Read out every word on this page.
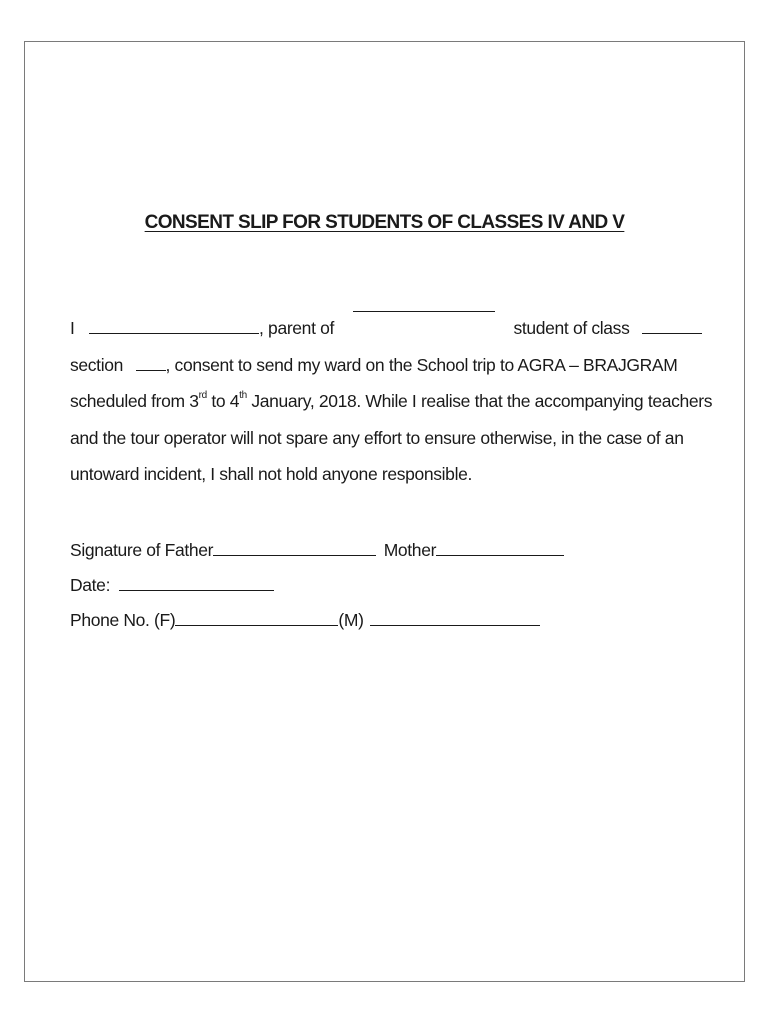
CONSENT SLIP FOR STUDENTS OF CLASSES IV AND V
I	, parent of	student of class
section , consent to send my ward on the School trip to AGRA – BRAJGRAM
scheduled from 3rd to 4th January, 2018. While I realise that the accompanying teachers
and the tour operator will not spare any effort to ensure otherwise, in the case of an
untoward incident, I shall not hold anyone responsible.
Signature of Father	Mother
Date:
Phone No. (F)	(M)
